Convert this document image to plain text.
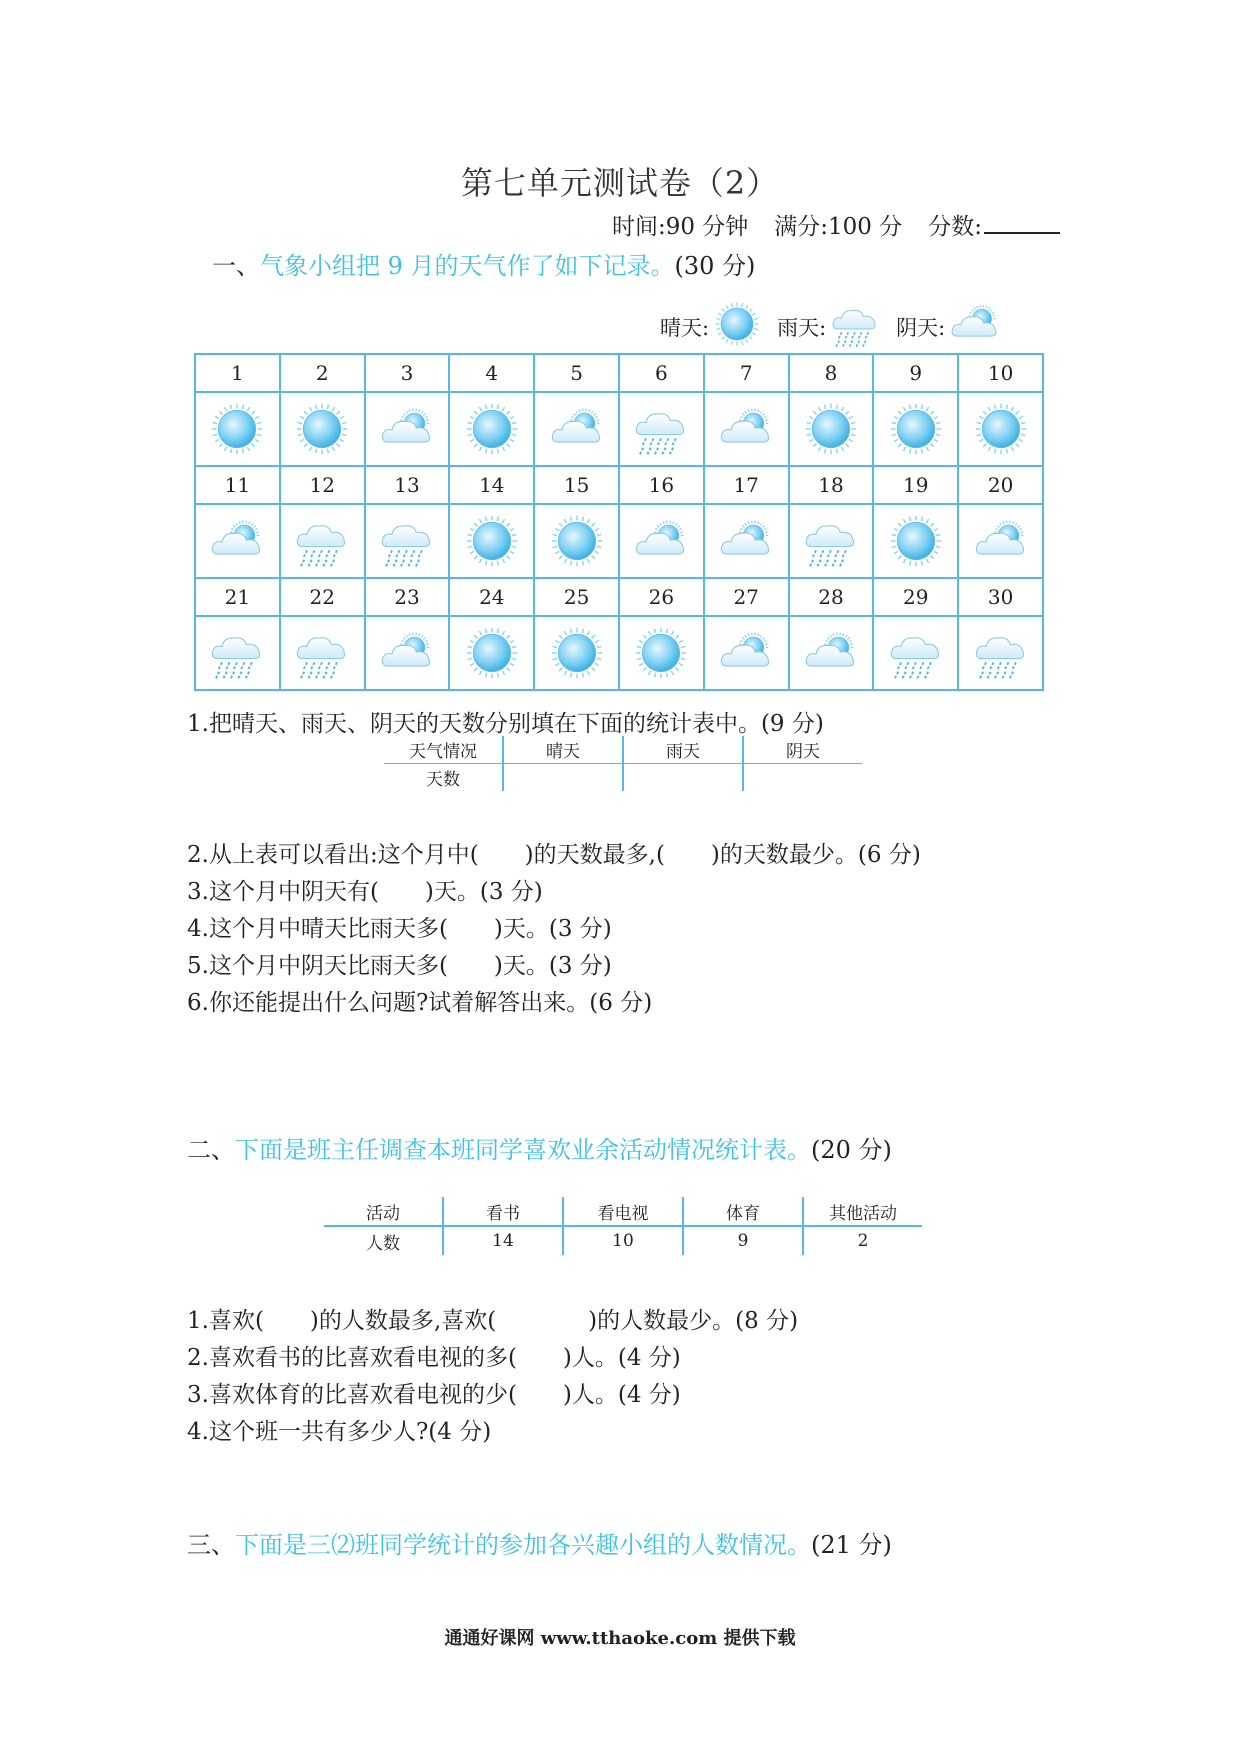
第七单元测试卷（2）
时间:90 分钟 满分:100 分 分数:
一、气象小组把 9 月的天气作了如下记录。(30 分)
晴天:	雨天:	阴天:
1	2	3	4	5	6	7	8	9	10

11	12	13	14	15	16	17	18	19	20

21	22	23	24	25	26	27	28	29	30

1.把晴天、雨天、阴天的天数分别填在下面的统计表中。(9 分)
天气情况	晴天	雨天	阴天
天数			
2.从上表可以看出:这个月中(　　)的天数最多,(　　)的天数最少。(6 分)
3.这个月中阴天有(　　)天。(3 分)
4.这个月中晴天比雨天多(　　)天。(3 分)
5.这个月中阴天比雨天多(　　)天。(3 分)
6.你还能提出什么问题?试着解答出来。(6 分)
二、下面是班主任调查本班同学喜欢业余活动情况统计表。(20 分)
活动	看书	看电视	体育	其他活动
人数	14	10	9	2
1.喜欢(　　)的人数最多,喜欢(　　　　)的人数最少。(8 分)
2.喜欢看书的比喜欢看电视的多(　　)人。(4 分)
3.喜欢体育的比喜欢看电视的少(　　)人。(4 分)
4.这个班一共有多少人?(4 分)
三、下面是三⑵班同学统计的参加各兴趣小组的人数情况。(21 分)
通通好课网 www.tthaoke.com 提供下载
